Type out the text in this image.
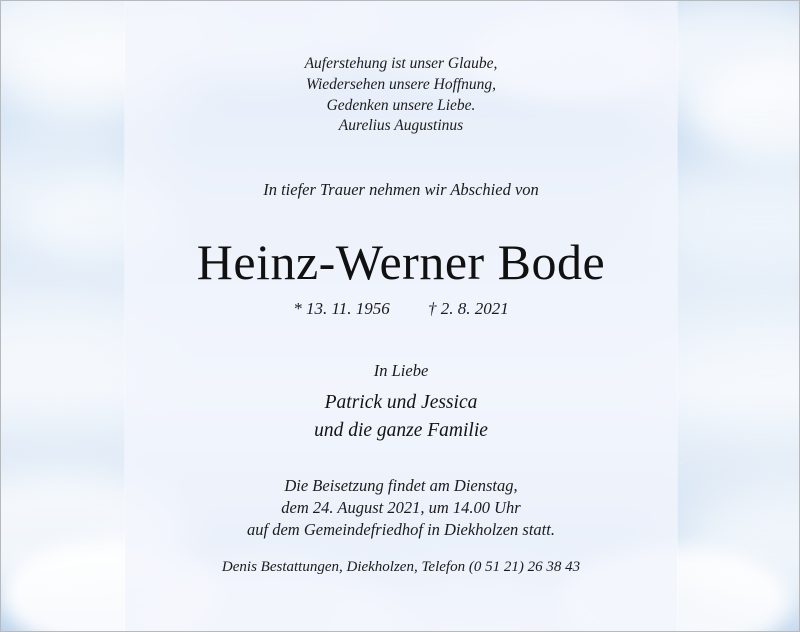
Auferstehung ist unser Glaube,
Wiedersehen unsere Hoffnung,
Gedenken unsere Liebe.
Aurelius Augustinus
In tiefer Trauer nehmen wir Abschied von
Heinz-Werner Bode
* 13. 11. 1956 † 2. 8. 2021
In Liebe
Patrick und Jessica
und die ganze Familie
Die Beisetzung findet am Dienstag,
dem 24. August 2021, um 14.00 Uhr
auf dem Gemeindefriedhof in Diekholzen statt.
Denis Bestattungen, Diekholzen, Telefon (0 51 21) 26 38 43
